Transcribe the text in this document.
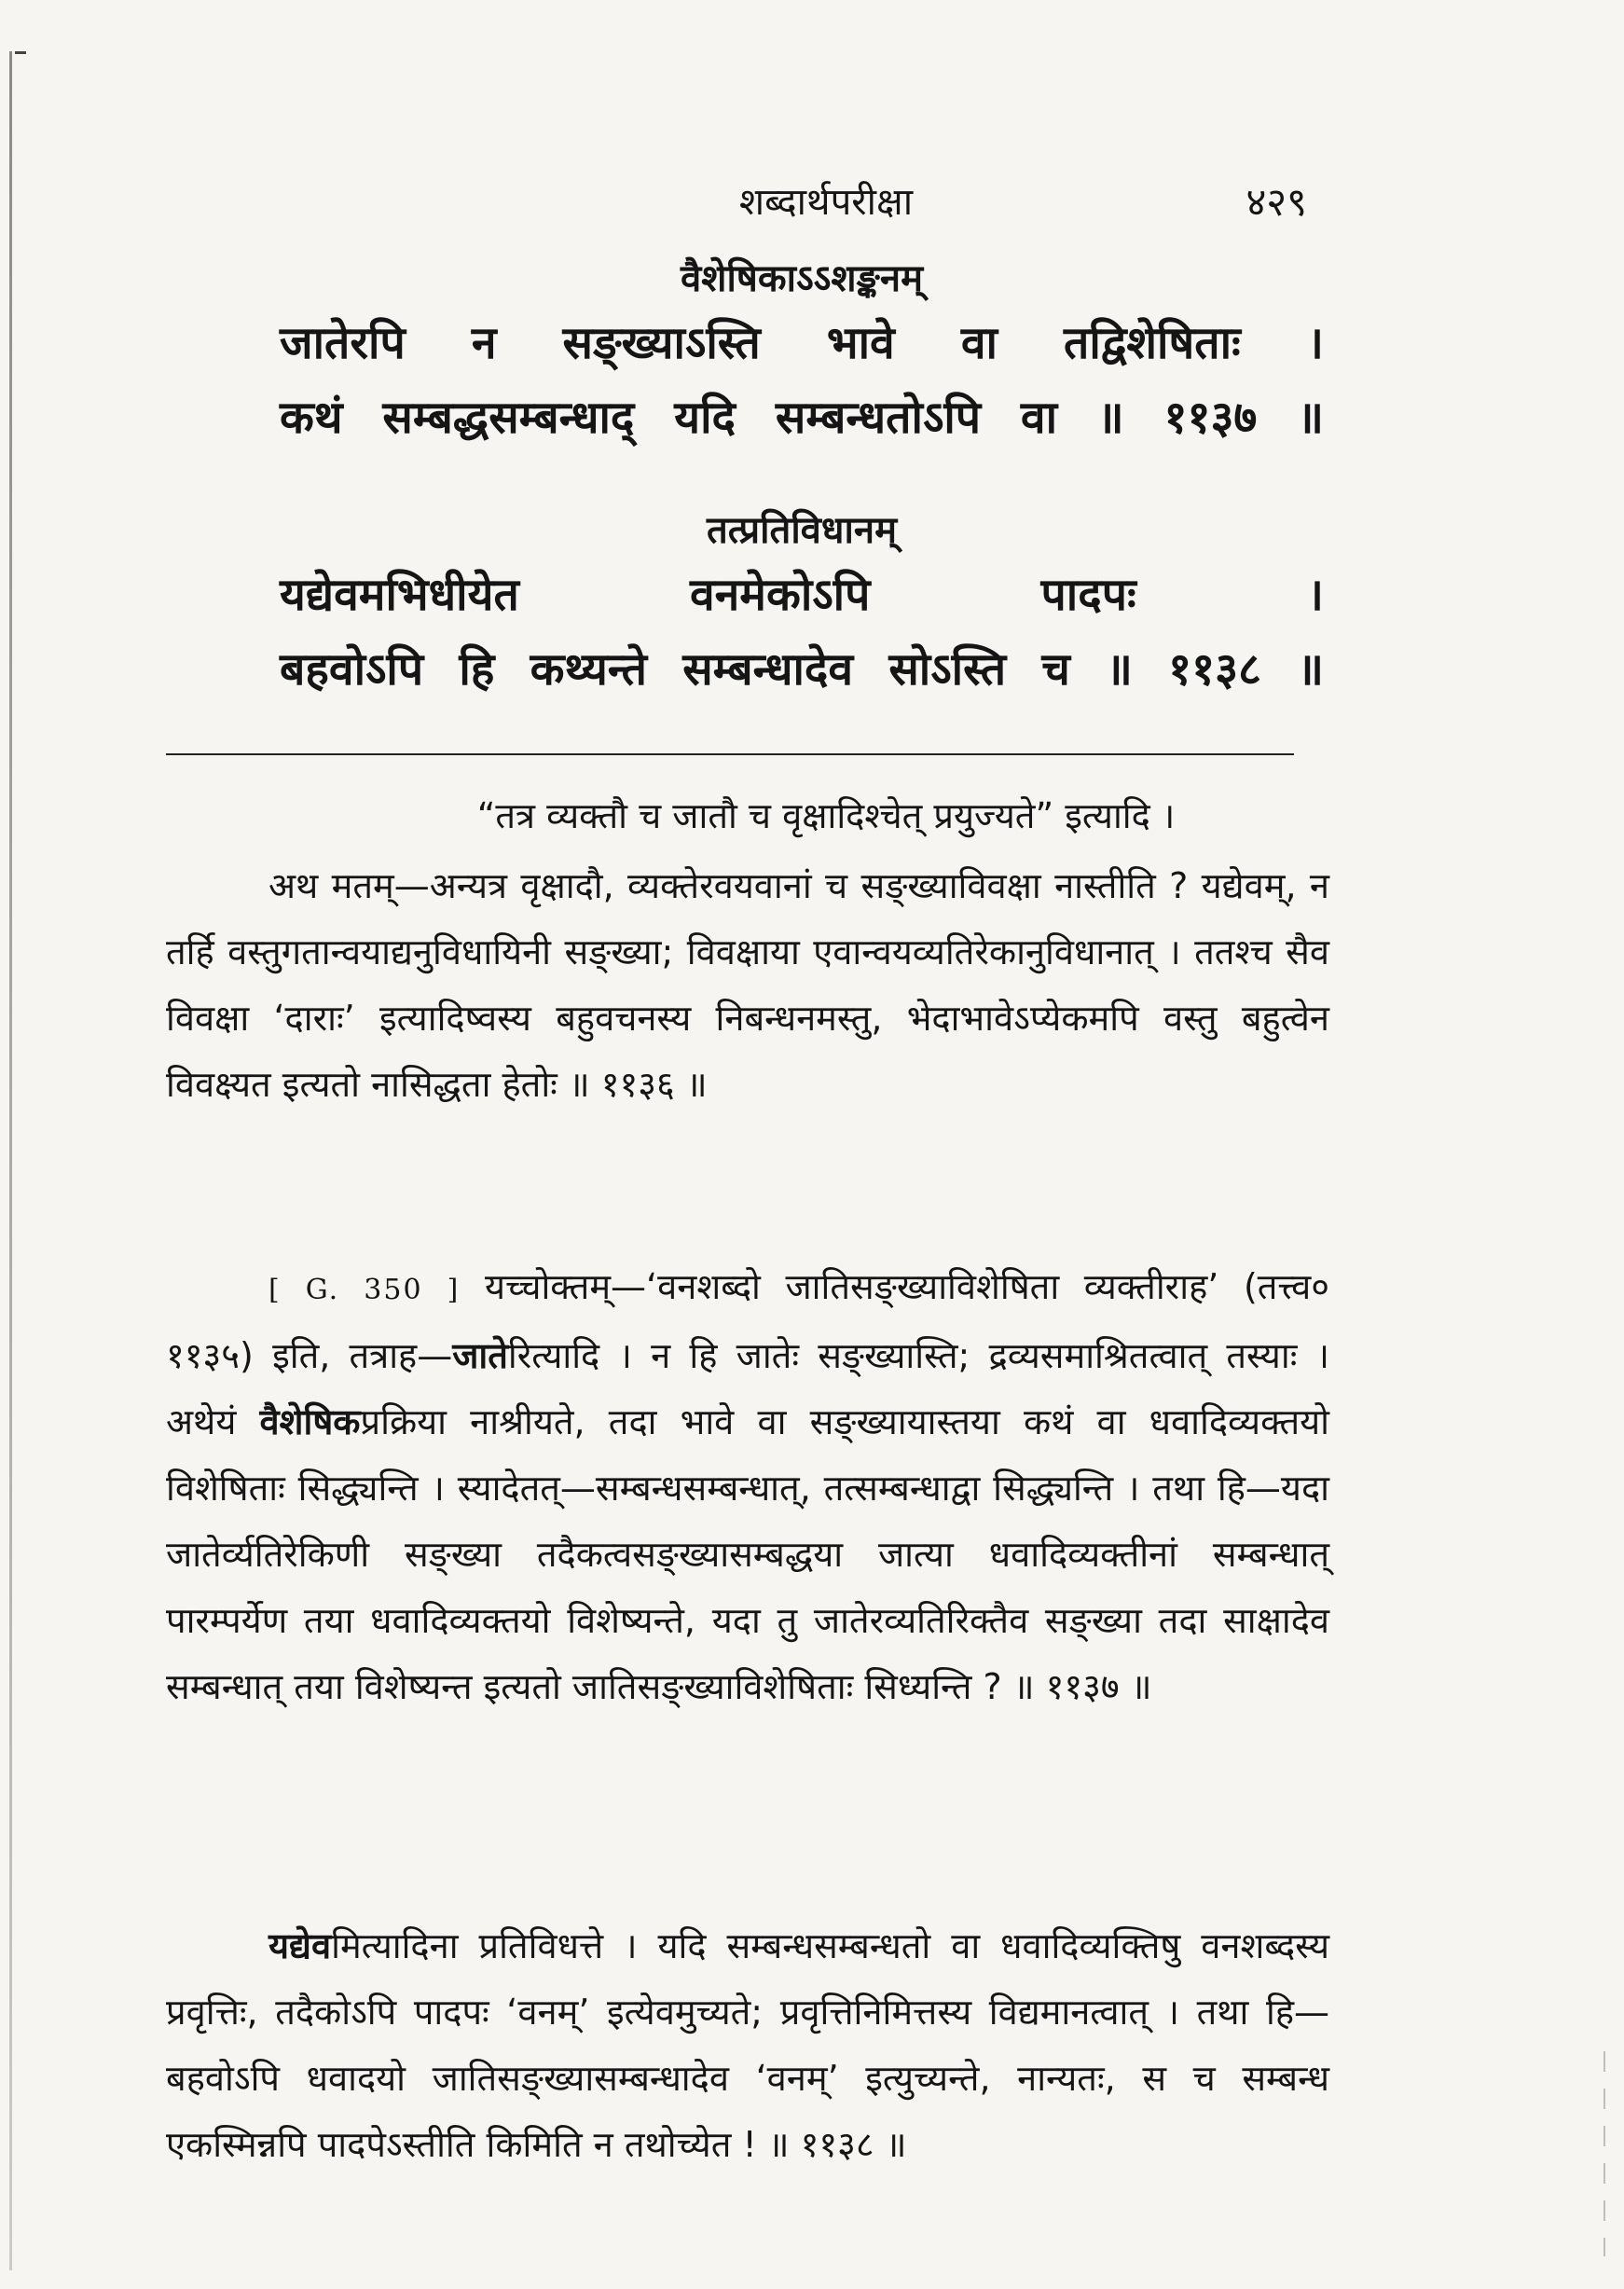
शब्दार्थपरीक्षा	४२९
वैशेषिकाऽऽशङ्कनम्
जातेरपि न सङ्ख्याऽस्ति भावे वा तद्विशेषिताः ।
कथं सम्बद्धसम्बन्धाद् यदि सम्बन्धतोऽपि वा ॥ ११३७ ॥
तत्प्रतिविधानम्
यद्येवमभिधीयेत वनमेकोऽपि पादपः ।
बहवोऽपि हि कथ्यन्ते सम्बन्धादेव सोऽस्ति च ॥ ११३८ ॥
“तत्र व्यक्तौ च जातौ च वृक्षादिश्चेत् प्रयुज्यते” इत्यादि ।

अथ मतम्—अन्यत्र वृक्षादौ, व्यक्तेरवयवानां च सङ्ख्याविवक्षा नास्तीति ? यद्येवम्, न तर्हि वस्तुगतान्वयाद्यनुविधायिनी सङ्ख्या; विवक्षाया एवान्वयव्यतिरेकानुविधानात् । ततश्च सैव विवक्षा ‘दाराः’ इत्यादिष्वस्य बहुवचनस्य निबन्धनमस्तु, भेदाभावेऽप्येकमपि वस्तु बहुत्वेन विवक्ष्यत इत्यतो नासिद्धता हेतोः ॥ ११३६ ॥

[ G. 350 ] यच्चोक्तम्—‘वनशब्दो जातिसङ्ख्याविशेषिता व्यक्तीराह’ (तत्त्व० ११३५) इति, तत्राह—जातेरित्यादि । न हि जातेः सङ्ख्यास्ति; द्रव्यसमाश्रितत्वात् तस्याः । अथेयं वैशेषिकप्रक्रिया नाश्रीयते, तदा भावे वा सङ्ख्यायास्तया कथं वा धवादिव्यक्तयो विशेषिताः सिद्ध्यन्ति । स्यादेतत्—सम्बन्धसम्बन्धात्, तत्सम्बन्धाद्वा सिद्ध्यन्ति । तथा हि—यदा जातेर्व्यतिरेकिणी सङ्ख्या तदैकत्वसङ्ख्यासम्बद्धया जात्या धवादिव्यक्तीनां सम्बन्धात् पारम्पर्येण तया धवादिव्यक्तयो विशेष्यन्ते, यदा तु जातेरव्यतिरिक्तैव सङ्ख्या तदा साक्षादेव सम्बन्धात् तया विशेष्यन्त इत्यतो जातिसङ्ख्याविशेषिताः सिध्यन्ति ? ॥ ११३७ ॥

यद्येवमित्यादिना प्रतिविधत्ते । यदि सम्बन्धसम्बन्धतो वा धवादिव्यक्तिषु वनशब्दस्य प्रवृत्तिः, तदैकोऽपि पादपः ‘वनम्’ इत्येवमुच्यते; प्रवृत्तिनिमित्तस्य विद्यमानत्वात् । तथा हि—बहवोऽपि धवादयो जातिसङ्ख्यासम्बन्धादेव ‘वनम्’ इत्युच्यन्ते, नान्यतः, स च सम्बन्ध एकस्मिन्नपि पादपेऽस्तीति किमिति न तथोच्येत ! ॥ ११३८ ॥
